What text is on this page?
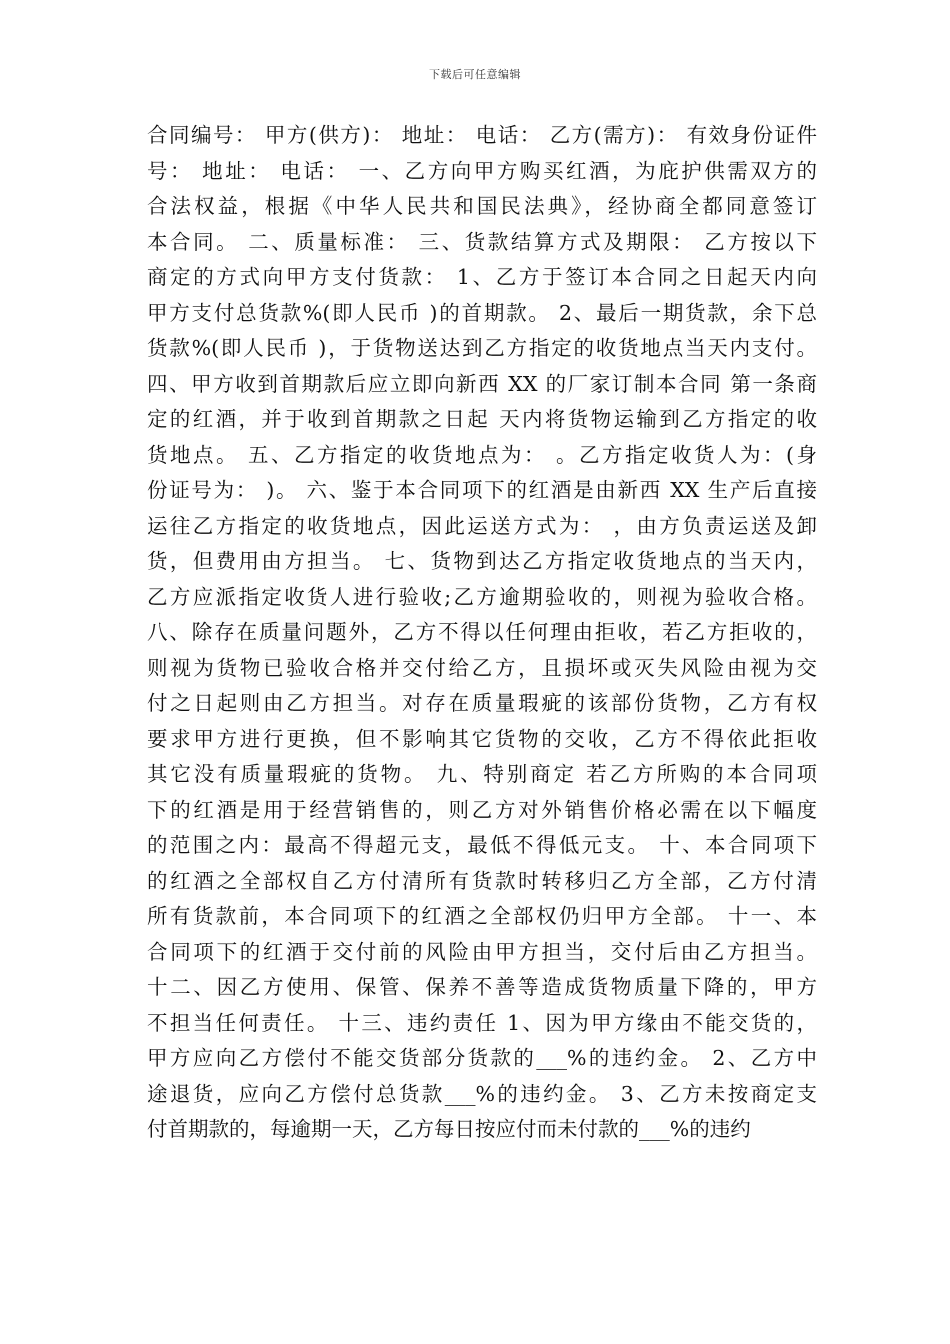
下载后可任意编辑
合同编号： 甲方(供方)： 地址： 电话： 乙方(需方)： 有效身份证件
号： 地址： 电话： 一、乙方向甲方购买红酒，为庇护供需双方的
合法权益，根据《中华人民共和国民法典》，经协商全都同意签订
本合同。 二、质量标准： 三、货款结算方式及期限： 乙方按以下
商定的方式向甲方支付货款： 1、乙方于签订本合同之日起天内向
甲方支付总货款%(即人民币 )的首期款。 2、最后一期货款，余下总
货款%(即人民币 )，于货物送达到乙方指定的收货地点当天内支付。
四、甲方收到首期款后应立即向新西 XX 的厂家订制本合同 第一条商
定的红酒，并于收到首期款之日起 天内将货物运输到乙方指定的收
货地点。 五、乙方指定的收货地点为： 。乙方指定收货人为：(身
份证号为： )。 六、鉴于本合同项下的红酒是由新西 XX 生产后直接
运往乙方指定的收货地点，因此运送方式为： ，由方负责运送及卸
货，但费用由方担当。 七、货物到达乙方指定收货地点的当天内，
乙方应派指定收货人进行验收;乙方逾期验收的，则视为验收合格。
八、除存在质量问题外，乙方不得以任何理由拒收，若乙方拒收的，
则视为货物已验收合格并交付给乙方，且损坏或灭失风险由视为交
付之日起则由乙方担当。对存在质量瑕疵的该部份货物，乙方有权
要求甲方进行更换，但不影响其它货物的交收，乙方不得依此拒收
其它没有质量瑕疵的货物。 九、特别商定 若乙方所购的本合同项
下的红酒是用于经营销售的，则乙方对外销售价格必需在以下幅度
的范围之内：最高不得超元支，最低不得低元支。 十、本合同项下
的红酒之全部权自乙方付清所有货款时转移归乙方全部，乙方付清
所有货款前，本合同项下的红酒之全部权仍归甲方全部。 十一、本
合同项下的红酒于交付前的风险由甲方担当，交付后由乙方担当。
十二、因乙方使用、保管、保养不善等造成货物质量下降的，甲方
不担当任何责任。 十三、违约责任 1、因为甲方缘由不能交货的，
甲方应向乙方偿付不能交货部分货款的___%的违约金。 2、乙方中
途退货，应向乙方偿付总货款___%的违约金。 3、乙方未按商定支
付首期款的，每逾期一天，乙方每日按应付而未付款的___%的违约
